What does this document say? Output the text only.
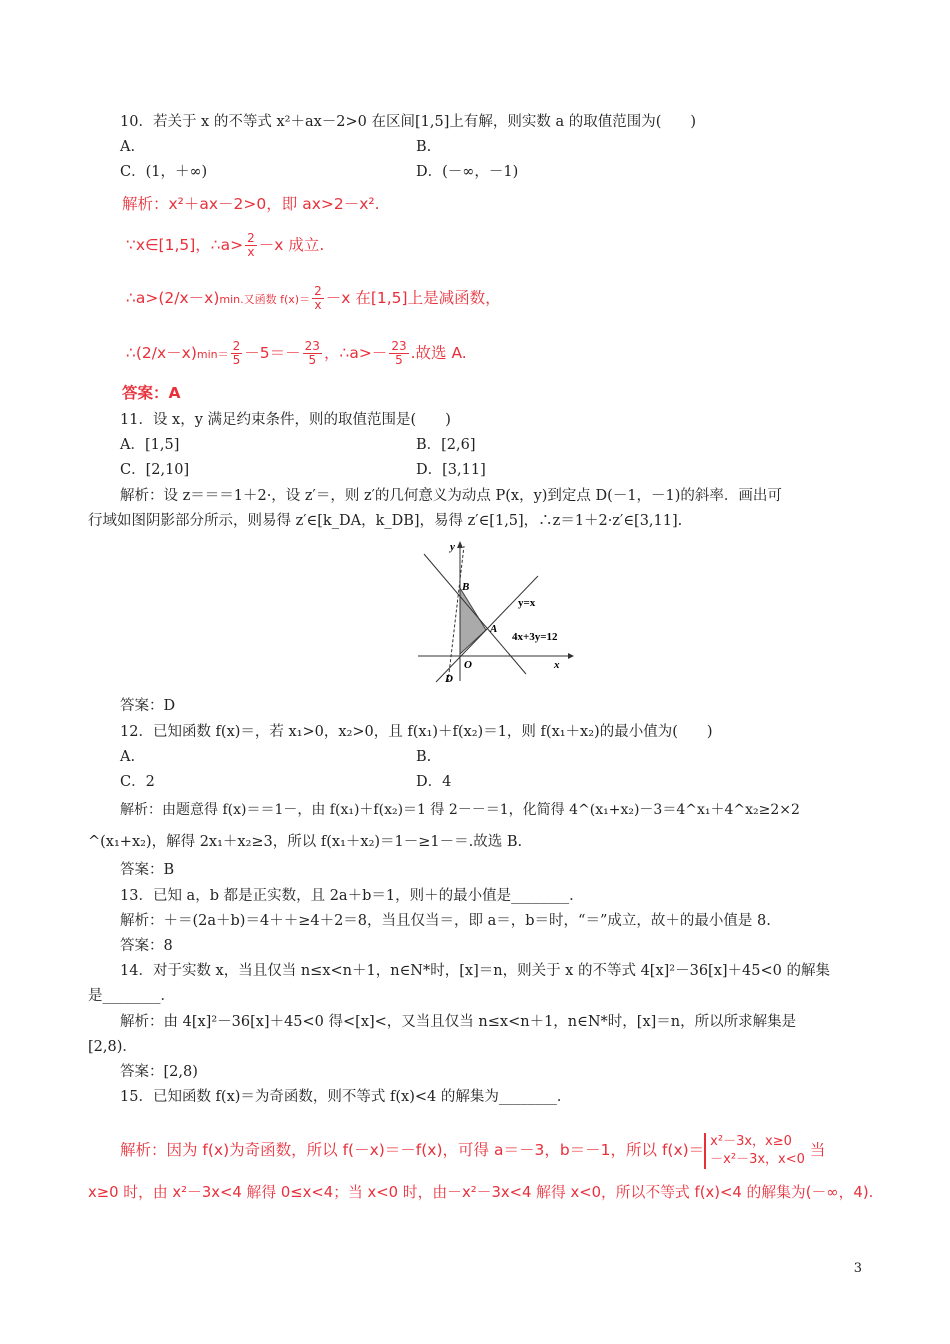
10．若关于 x 的不等式 x²＋ax－2>0 在区间[1,5]上有解，则实数 a 的取值范围为(　　)
A.	B.
C．(1，＋∞)	D．(－∞，－1)
解析：x²＋ax－2>0，即 ax>2－x².
∵x∈[1,5]，∴a> $\frac{2}{x} -x$ 成立.
∴a>(2/x－x)min.又函数 $f(x)= \frac{2}{x} -x$ 在[1,5]上是减函数，
∴(2/x－x)min＝ $\frac{2}{5} -5=- \frac{23}{5}$ ，∴a>－ $\frac{23}{5}$ .故选 A.
答案：A
11．设 x，y 满足约束条件，则的取值范围是(　　)
A．[1,5]	B．[2,6]
C．[2,10]	D．[3,11]
解析：设 z＝＝＝1＋2·，设 z′＝，则 z′的几何意义为动点 P(x，y)到定点 D(－1，－1)的斜率．画出可
行域如图阴影部分所示，则易得 z′∈[k_DA，k_DB]，易得 z′∈[1,5]，∴z＝1＋2·z′∈[3,11].
y
x
B
A
O
D
y=x
4x+3y=12
答案：D
12．已知函数 f(x)＝，若 x₁>0，x₂>0，且 f(x₁)＋f(x₂)＝1，则 f(x₁＋x₂)的最小值为(　　)
A.	B.
C．2	D．4
解析：由题意得 f(x)＝＝1－，由 f(x₁)＋f(x₂)＝1 得 2－－＝1，化简得 4^(x₁+x₂)－3＝4^x₁＋4^x₂≥2×2
^(x₁+x₂)，解得 2x₁＋x₂≥3，所以 f(x₁＋x₂)＝1－≥1－＝.故选 B.
答案：B
13．已知 a，b 都是正实数，且 2a＋b＝1，则＋的最小值是________．
解析：＋＝(2a＋b)＝4＋＋≥4＋2＝8，当且仅当＝，即 a＝，b＝时，“＝”成立，故＋的最小值是 8.
答案：8
14．对于实数 x，当且仅当 n≤x<n＋1，n∈N*时，[x]＝n，则关于 x 的不等式 4[x]²－36[x]＋45<0 的解集
是________．
解析：由 4[x]²－36[x]＋45<0 得<[x]<，又当且仅当 n≤x<n＋1，n∈N*时，[x]＝n，所以所求解集是
[2,8)．
答案：[2,8)
15．已知函数 f(x)＝为奇函数，则不等式 f(x)<4 的解集为________．
解析：因为 f(x)为奇函数，所以 f(－x)＝－f(x)，可得 a＝－3，b＝－1，所以 f(x)＝ x²－3x，x≥0
－x²－3x，x<0 当
x≥0 时，由 x²－3x<4 解得 0≤x<4；当 x<0 时，由－x²－3x<4 解得 x<0，所以不等式 f(x)<4 的解集为(－∞，4).
3
